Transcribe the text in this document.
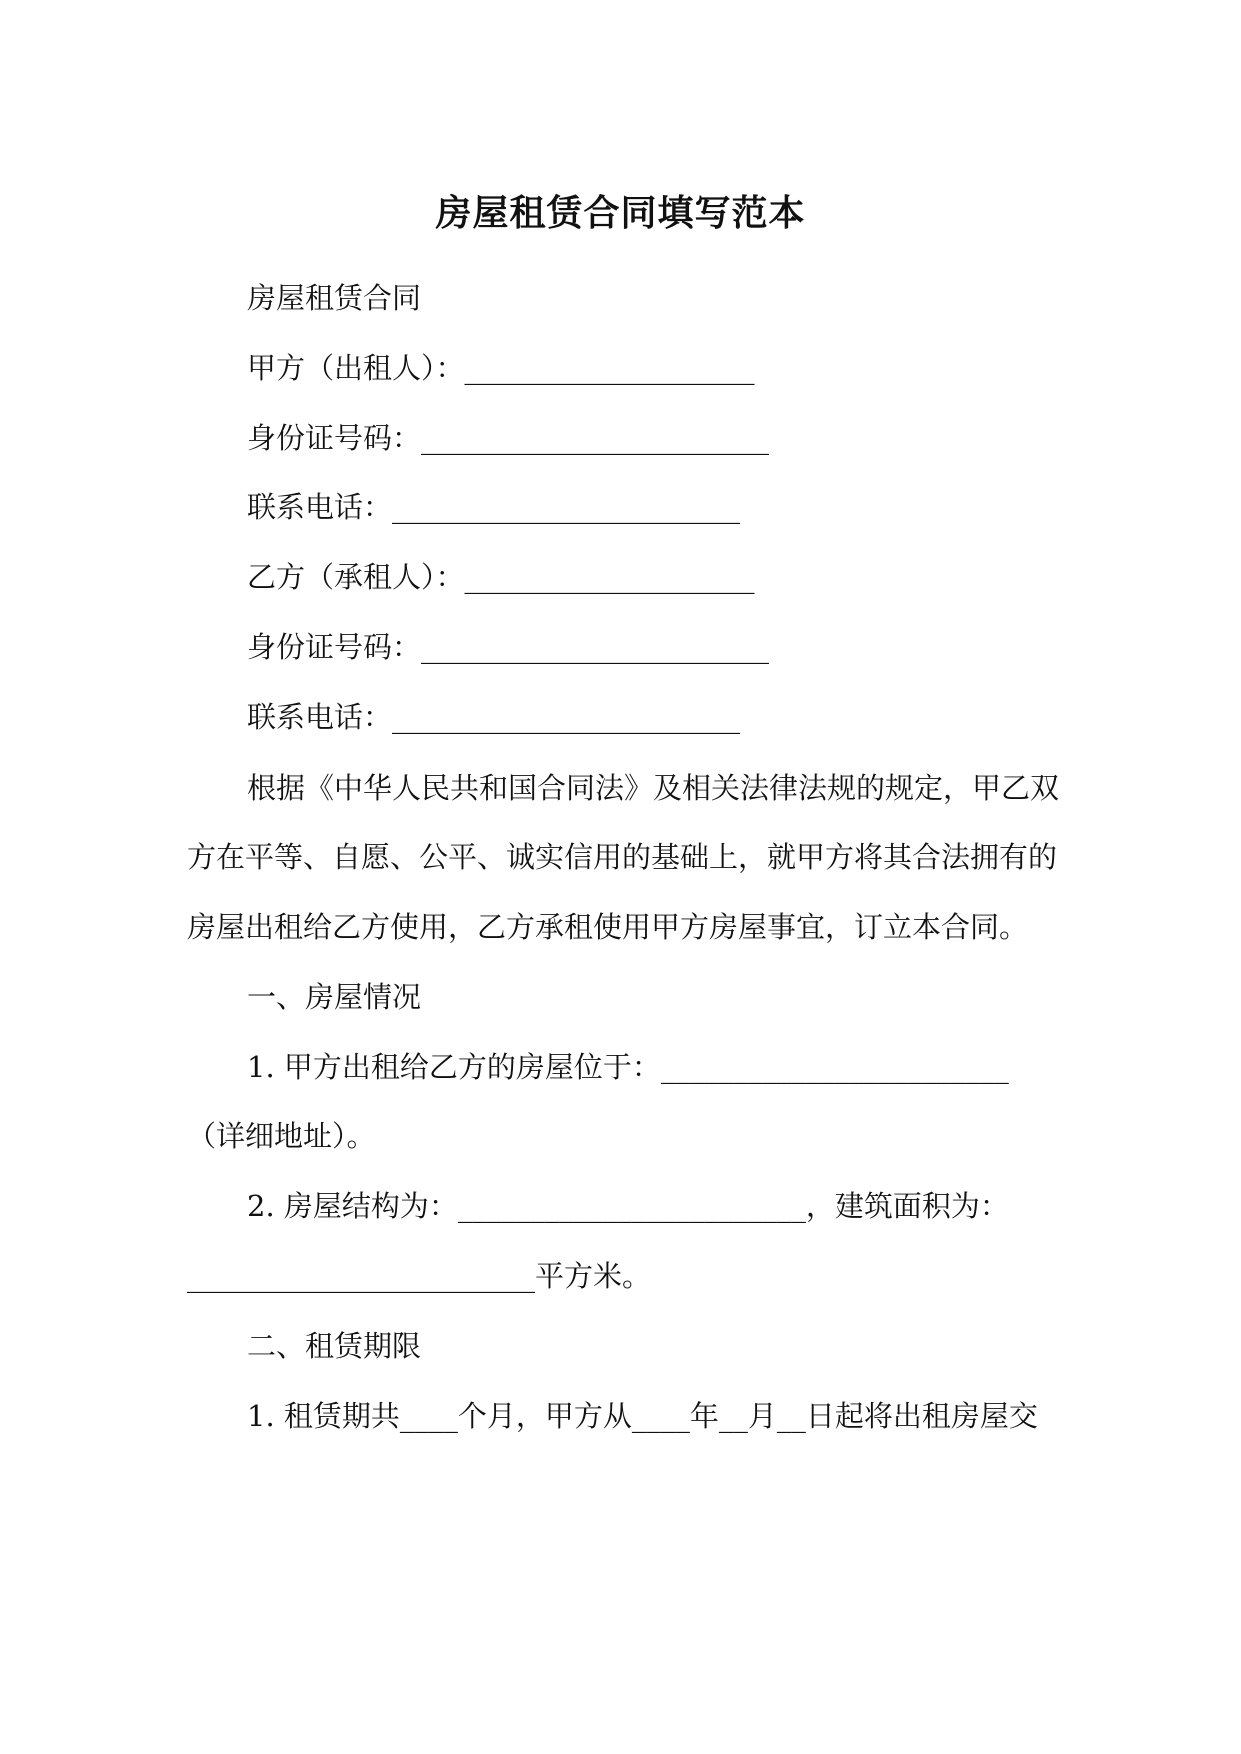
房屋租赁合同填写范本
房屋租赁合同
甲方（出租人）：____________________
身份证号码：________________________
联系电话：________________________
乙方（承租人）：____________________
身份证号码：________________________
联系电话：________________________
根据《中华人民共和国合同法》及相关法律法规的规定，甲乙双
方在平等、自愿、公平、诚实信用的基础上，就甲方将其合法拥有的
房屋出租给乙方使用，乙方承租使用甲方房屋事宜，订立本合同。
一、房屋情况
1. 甲方出租给乙方的房屋位于：________________________
（详细地址）。
2. 房屋结构为：________________________，建筑面积为：
________________________平方米。
二、租赁期限
1. 租赁期共____个月，甲方从____年__月__日起将出租房屋交
